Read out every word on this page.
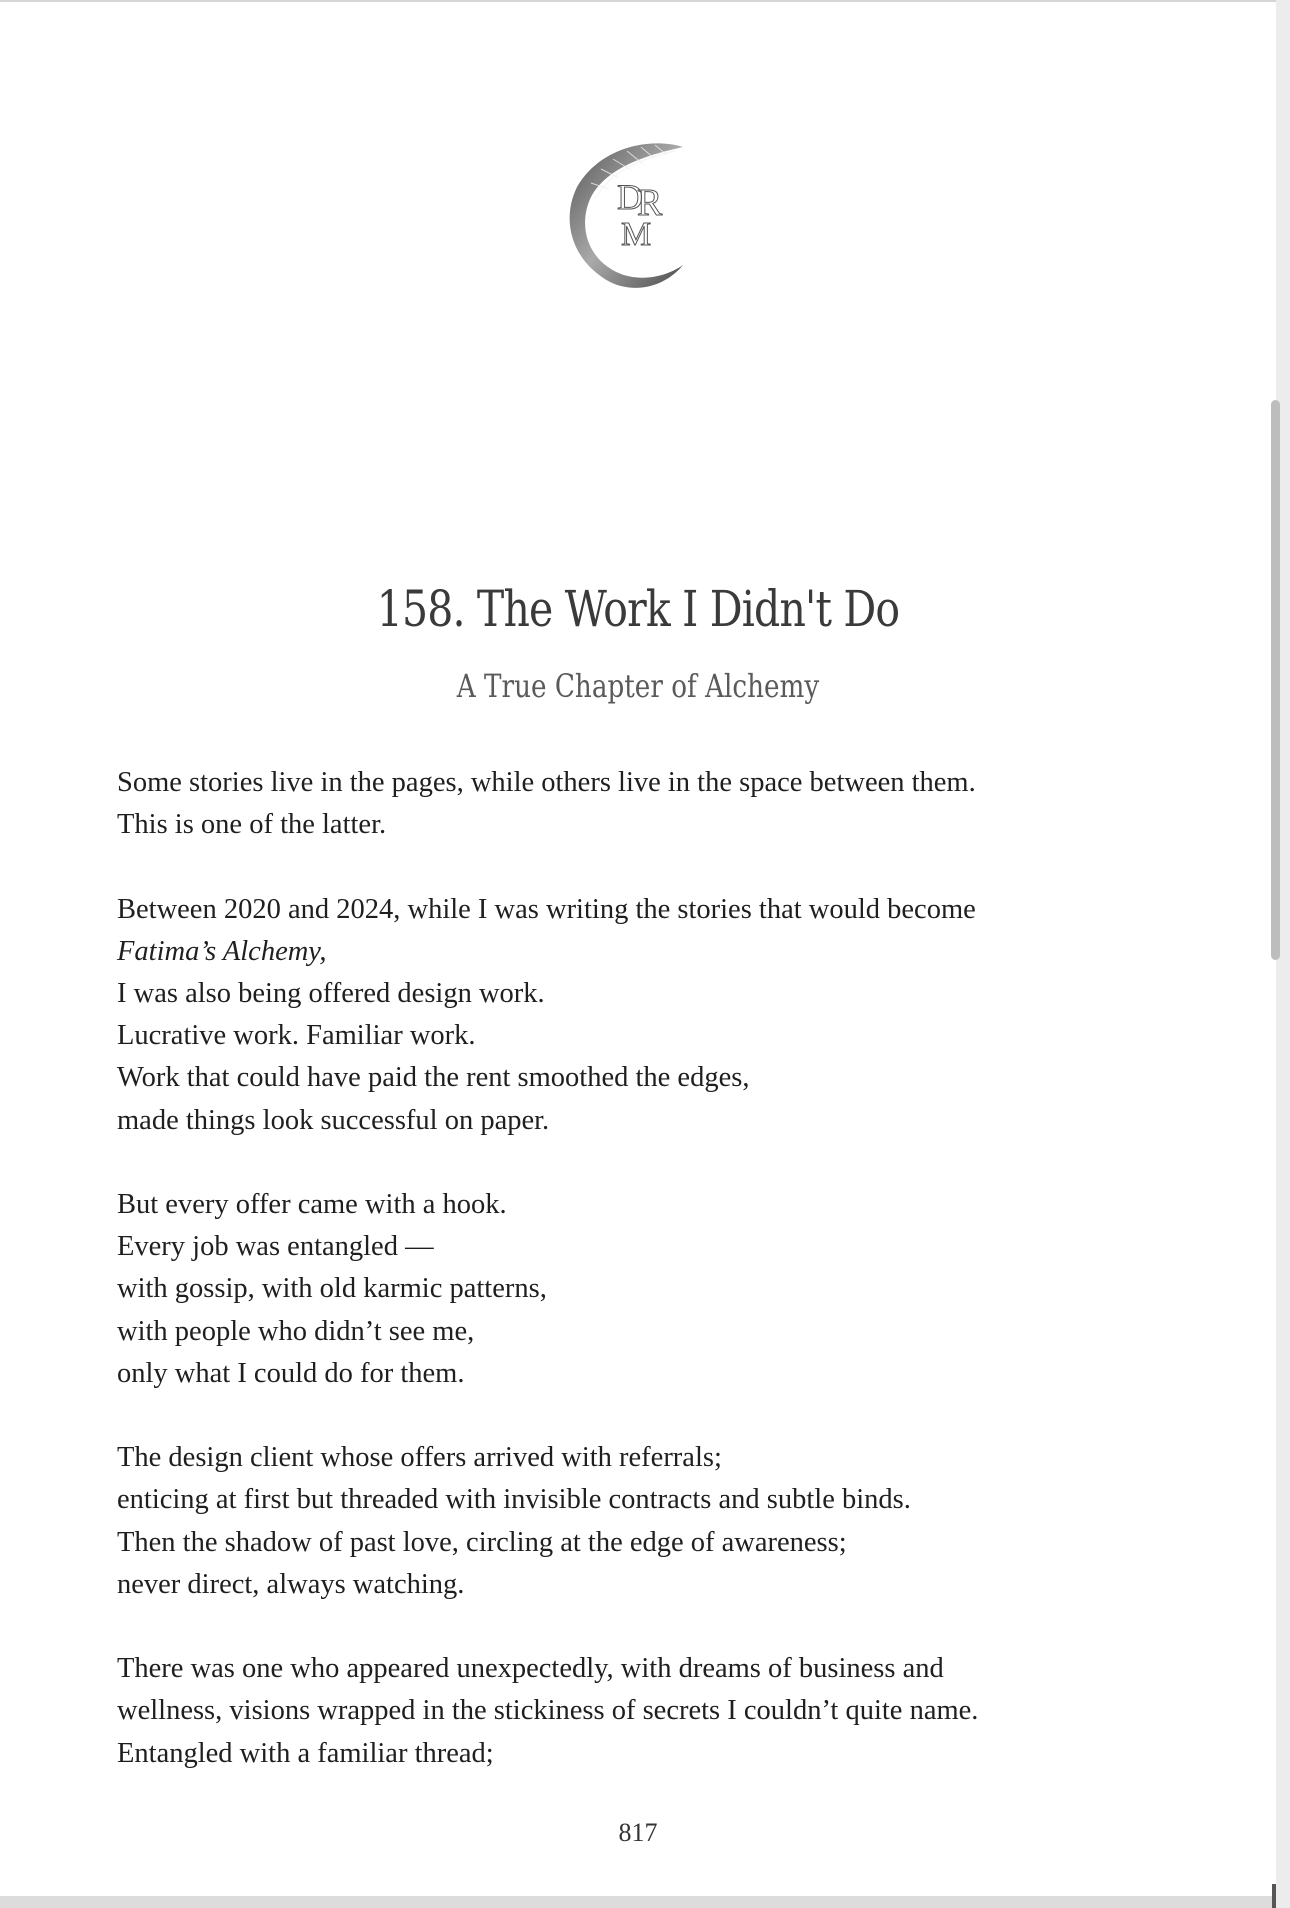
D
R
M
158. The Work I Didn't Do
A True Chapter of Alchemy

Some stories live in the pages, while others live in the space between them.
This is one of the latter.

Between 2020 and 2024, while I was writing the stories that would become
Fatima’s Alchemy,
I was also being offered design work.
Lucrative work. Familiar work.
Work that could have paid the rent smoothed the edges,
made things look successful on paper.

But every offer came with a hook.
Every job was entangled —
with gossip, with old karmic patterns,
with people who didn’t see me,
only what I could do for them.

The design client whose offers arrived with referrals;
enticing at first but threaded with invisible contracts and subtle binds.
Then the shadow of past love, circling at the edge of awareness;
never direct, always watching.

There was one who appeared unexpectedly, with dreams of business and
wellness, visions wrapped in the stickiness of secrets I couldn’t quite name.
Entangled with a familiar thread;

817
